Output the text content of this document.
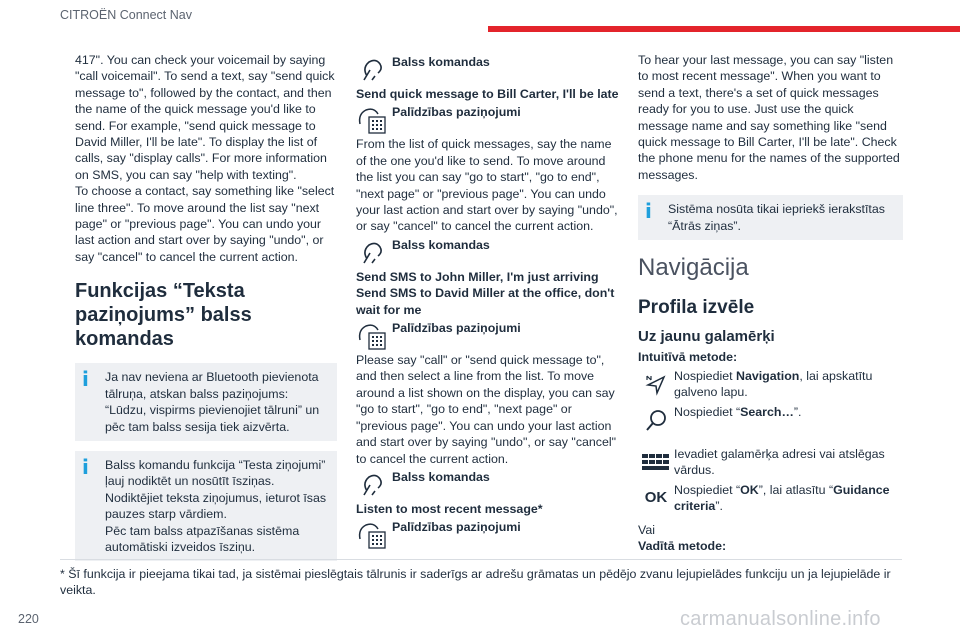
CITROËN Connect Nav

417". You can check your voicemail by saying "call voicemail". To send a text, say "send quick message to", followed by the contact, and then the name of the quick message you'd like to send. For example, "send quick message to David Miller, I'll be late". To display the list of calls, say "display calls". For more information on SMS, you can say "help with texting".

To choose a contact, say something like "select line three". To move around the list say "next page" or "previous page". You can undo your last action and start over by saying "undo", or say "cancel" to cancel the current action.

Funkcijas “Teksta paziņojums” balss komandas
i Ja nav neviena ar Bluetooth pievienota tālruņa, atskan balss paziņojums:

“Lūdzu, vispirms pievienojiet tālruni” un pēc tam balss sesija tiek aizvērta.

i Balss komandu funkcija “Testa ziņojumi” ļauj nodiktēt un nosūtīt īsziņas.

Nodiktējiet teksta ziņojumus, ieturot īsas pauzes starp vārdiem.

Pēc tam balss atpazīšanas sistēma automātiski izveidos īsziņu.

Balss komandas

Send quick message to Bill Carter, I'll be late

Palīdzības paziņojumi

From the list of quick messages, say the name of the one you'd like to send. To move around the list you can say "go to start", "go to end", "next page" or "previous page". You can undo your last action and start over by saying "undo", or say "cancel" to cancel the current action.

Balss komandas

Send SMS to John Miller, I'm just arriving

Send SMS to David Miller at the office, don't wait for me

Palīdzības paziņojumi

Please say "call" or "send quick message to", and then select a line from the list. To move around a list shown on the display, you can say "go to start", "go to end", "next page" or "previous page". You can undo your last action and start over by saying "undo", or say "cancel" to cancel the current action.

Balss komandas

Listen to most recent message*

Palīdzības paziņojumi

To hear your last message, you can say "listen to most recent message". When you want to send a text, there's a set of quick messages ready for you to use. Just use the quick message name and say something like "send quick message to Bill Carter, I'll be late". Check the phone menu for the names of the supported messages.

i Sistēma nosūta tikai iepriekš ierakstītas “Ātrās ziņas”.

Navigācija
Profila izvēle
Uz jaunu galamērķi

Intuitīvā metode:

Nospiediet Navigation, lai apskatītu galveno lapu.
Nospiediet “Search…”.
Ievadiet galamērķa adresi vai atslēgas vārdus.
OK Nospiediet “OK”, lai atlasītu “Guidance criteria”.

Vai

Vadītā metode:

* Šī funkcija ir pieejama tikai tad, ja sistēmai pieslēgtais tālrunis ir saderīgs ar adrešu grāmatas un pēdējo zvanu lejupielādes funkciju un ja lejupielāde ir veikta.
220	carmanualsonline.info
